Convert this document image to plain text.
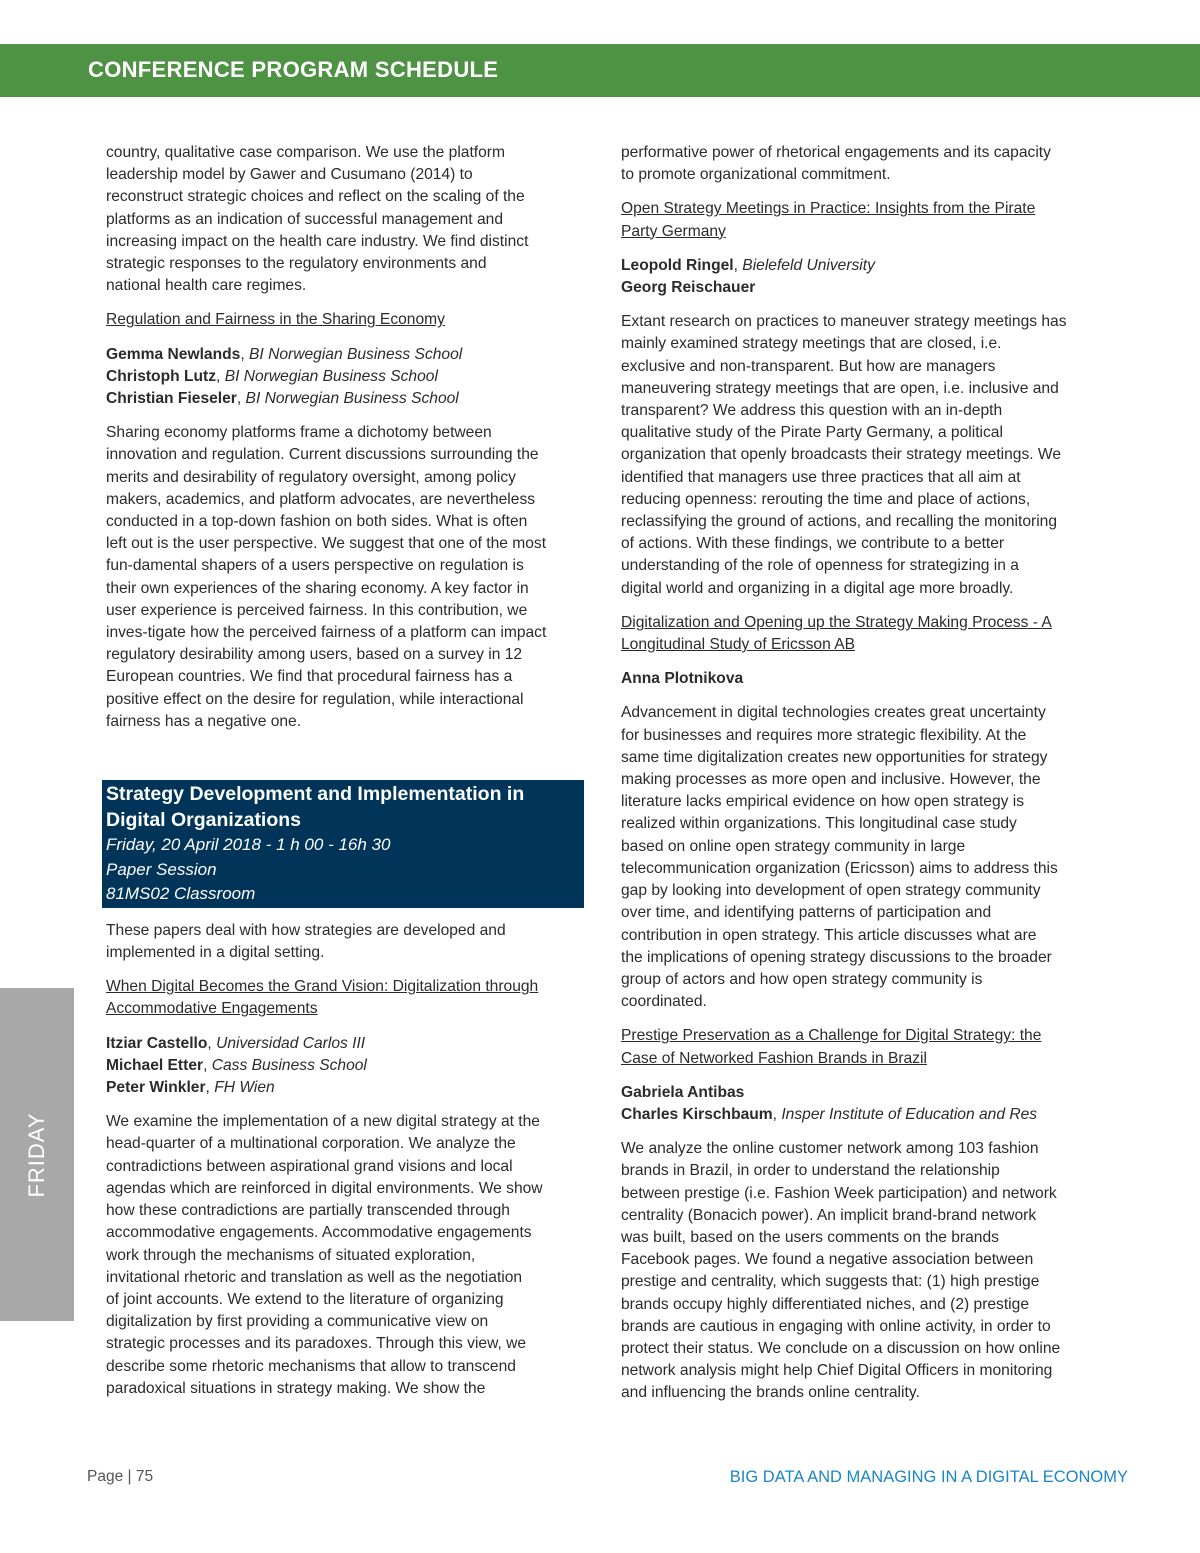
CONFERENCE PROGRAM SCHEDULE

country, qualitative case comparison. We use the platform
leadership model by Gawer and Cusumano (2014) to
reconstruct strategic choices and reflect on the scaling of the
platforms as an indication of successful management and
increasing impact on the health care industry. We find distinct
strategic responses to the regulatory environments and
national health care regimes.

Regulation and Fairness in the Sharing Economy

Gemma Newlands, BI Norwegian Business School
Christoph Lutz, BI Norwegian Business School
Christian Fieseler, BI Norwegian Business School

Sharing economy platforms frame a dichotomy between
innovation and regulation. Current discussions surrounding the
merits and desirability of regulatory oversight, among policy
makers, academics, and platform advocates, are nevertheless
conducted in a top-down fashion on both sides. What is often
left out is the user perspective. We suggest that one of the most
fun-damental shapers of a users perspective on regulation is
their own experiences of the sharing economy. A key factor in
user experience is perceived fairness. In this contribution, we
inves-tigate how the perceived fairness of a platform can impact
regulatory desirability among users, based on a survey in 12
European countries. We find that procedural fairness has a
positive effect on the desire for regulation, while interactional
fairness has a negative one.

Strategy Development and Implementation in
Digital Organizations
Friday, 20 April 2018 - 1 h 00 - 16h 30
Paper Session
81MS02 Classroom

These papers deal with how strategies are developed and
implemented in a digital setting.

When Digital Becomes the Grand Vision: Digitalization through
Accommodative Engagements

Itziar Castello, Universidad Carlos III
Michael Etter, Cass Business School
Peter Winkler, FH Wien

We examine the implementation of a new digital strategy at the
head-quarter of a multinational corporation. We analyze the
contradictions between aspirational grand visions and local
agendas which are reinforced in digital environments. We show
how these contradictions are partially transcended through
accommodative engagements. Accommodative engagements
work through the mechanisms of situated exploration,
invitational rhetoric and translation as well as the negotiation
of joint accounts. We extend to the literature of organizing
digitalization by first providing a communicative view on
strategic processes and its paradoxes. Through this view, we
describe some rhetoric mechanisms that allow to transcend
paradoxical situations in strategy making. We show the

performative power of rhetorical engagements and its capacity
to promote organizational commitment.

Open Strategy Meetings in Practice: Insights from the Pirate
Party Germany

Leopold Ringel, Bielefeld University
Georg Reischauer

Extant research on practices to maneuver strategy meetings has
mainly examined strategy meetings that are closed, i.e.
exclusive and non-transparent. But how are managers
maneuvering strategy meetings that are open, i.e. inclusive and
transparent? We address this question with an in-depth
qualitative study of the Pirate Party Germany, a political
organization that openly broadcasts their strategy meetings. We
identified that managers use three practices that all aim at
reducing openness: rerouting the time and place of actions,
reclassifying the ground of actions, and recalling the monitoring
of actions. With these findings, we contribute to a better
understanding of the role of openness for strategizing in a
digital world and organizing in a digital age more broadly.

Digitalization and Opening up the Strategy Making Process - A
Longitudinal Study of Ericsson AB

Anna Plotnikova

Advancement in digital technologies creates great uncertainty
for businesses and requires more strategic flexibility. At the
same time digitalization creates new opportunities for strategy
making processes as more open and inclusive. However, the
literature lacks empirical evidence on how open strategy is
realized within organizations. This longitudinal case study
based on online open strategy community in large
telecommunication organization (Ericsson) aims to address this
gap by looking into development of open strategy community
over time, and identifying patterns of participation and
contribution in open strategy. This article discusses what are
the implications of opening strategy discussions to the broader
group of actors and how open strategy community is
coordinated.

Prestige Preservation as a Challenge for Digital Strategy: the
Case of Networked Fashion Brands in Brazil

Gabriela Antibas
Charles Kirschbaum, Insper Institute of Education and Res

We analyze the online customer network among 103 fashion
brands in Brazil, in order to understand the relationship
between prestige (i.e. Fashion Week participation) and network
centrality (Bonacich power). An implicit brand-brand network
was built, based on the users comments on the brands
Facebook pages. We found a negative association between
prestige and centrality, which suggests that: (1) high prestige
brands occupy highly differentiated niches, and (2) prestige
brands are cautious in engaging with online activity, in order to
protect their status. We conclude on a discussion on how online
network analysis might help Chief Digital Officers in monitoring
and influencing the brands online centrality.

FRIDAY
Page | 75	BIG DATA AND MANAGING IN A DIGITAL ECONOMY
